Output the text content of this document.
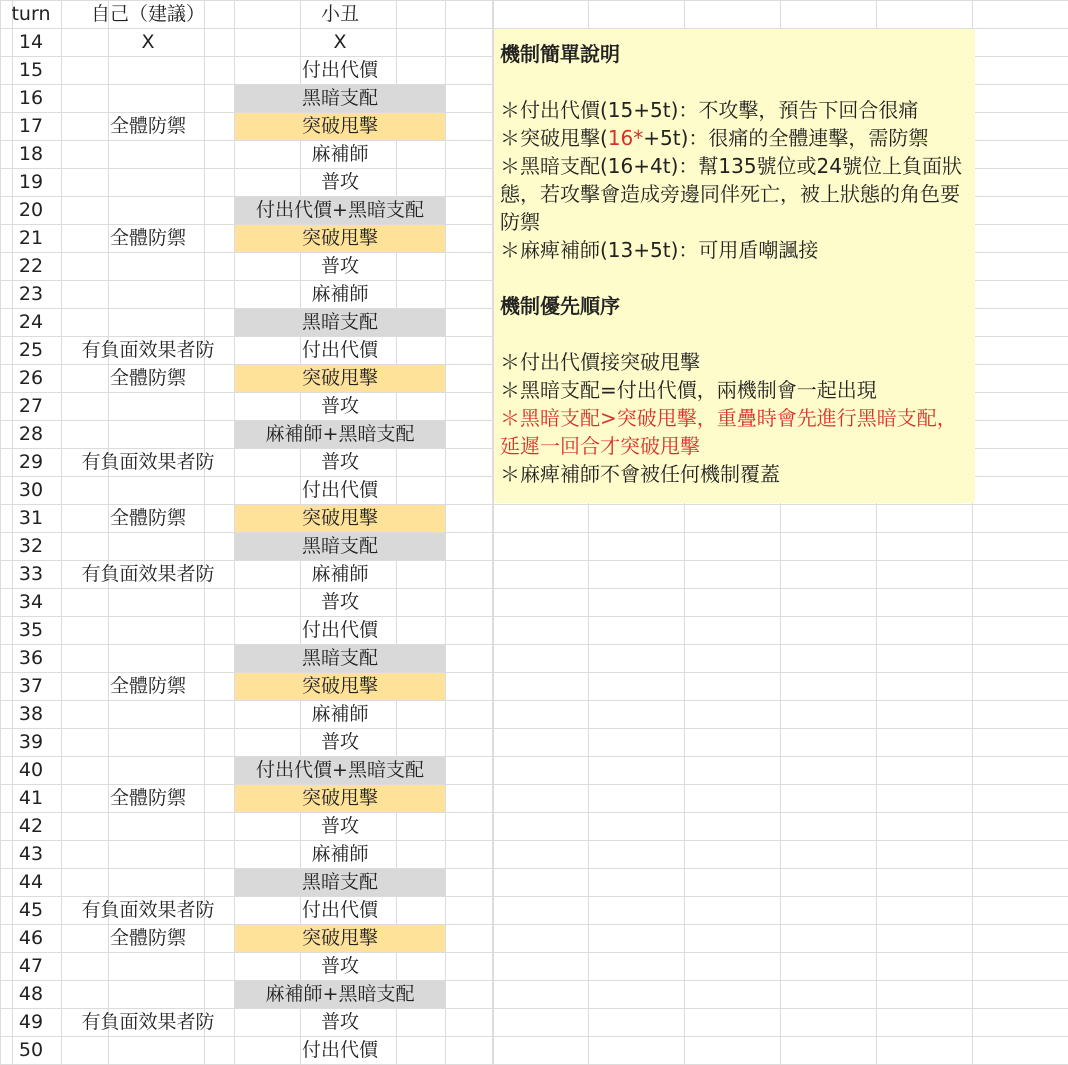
turn	自己（建議）	小丑	
14	X	X	
15		付出代價	
16		黑暗支配	
17	全體防禦	突破甩擊	
18		麻補師	
19		普攻	
20		付出代價+黑暗支配	
21	全體防禦	突破甩擊	
22		普攻	
23		麻補師	
24		黑暗支配	
25	有負面效果者防	付出代價	
26	全體防禦	突破甩擊	
27		普攻	
28		麻補師+黑暗支配	
29	有負面效果者防	普攻	
30		付出代價	
31	全體防禦	突破甩擊	
32		黑暗支配	
33	有負面效果者防	麻補師	
34		普攻	
35		付出代價	
36		黑暗支配	
37	全體防禦	突破甩擊	
38		麻補師	
39		普攻	
40		付出代價+黑暗支配	
41	全體防禦	突破甩擊	
42		普攻	
43		麻補師	
44		黑暗支配	
45	有負面效果者防	付出代價	
46	全體防禦	突破甩擊	
47		普攻	
48		麻補師+黑暗支配	
49	有負面效果者防	普攻	
50		付出代價	
機制簡單說明
＊付出代價(15+5t)：不攻擊，預告下回合很痛
＊突破甩擊(16*+5t)：很痛的全體連擊，需防禦
＊黑暗支配(16+4t)：幫135號位或24號位上負面狀態，若攻擊會造成旁邊同伴死亡，被上狀態的角色要防禦
＊麻痺補師(13+5t)：可用盾嘲諷接
機制優先順序
＊付出代價接突破甩擊
＊黑暗支配=付出代價，兩機制會一起出現
＊黑暗支配>突破甩擊，重疊時會先進行黑暗支配，延遲一回合才突破甩擊
＊麻痺補師不會被任何機制覆蓋
